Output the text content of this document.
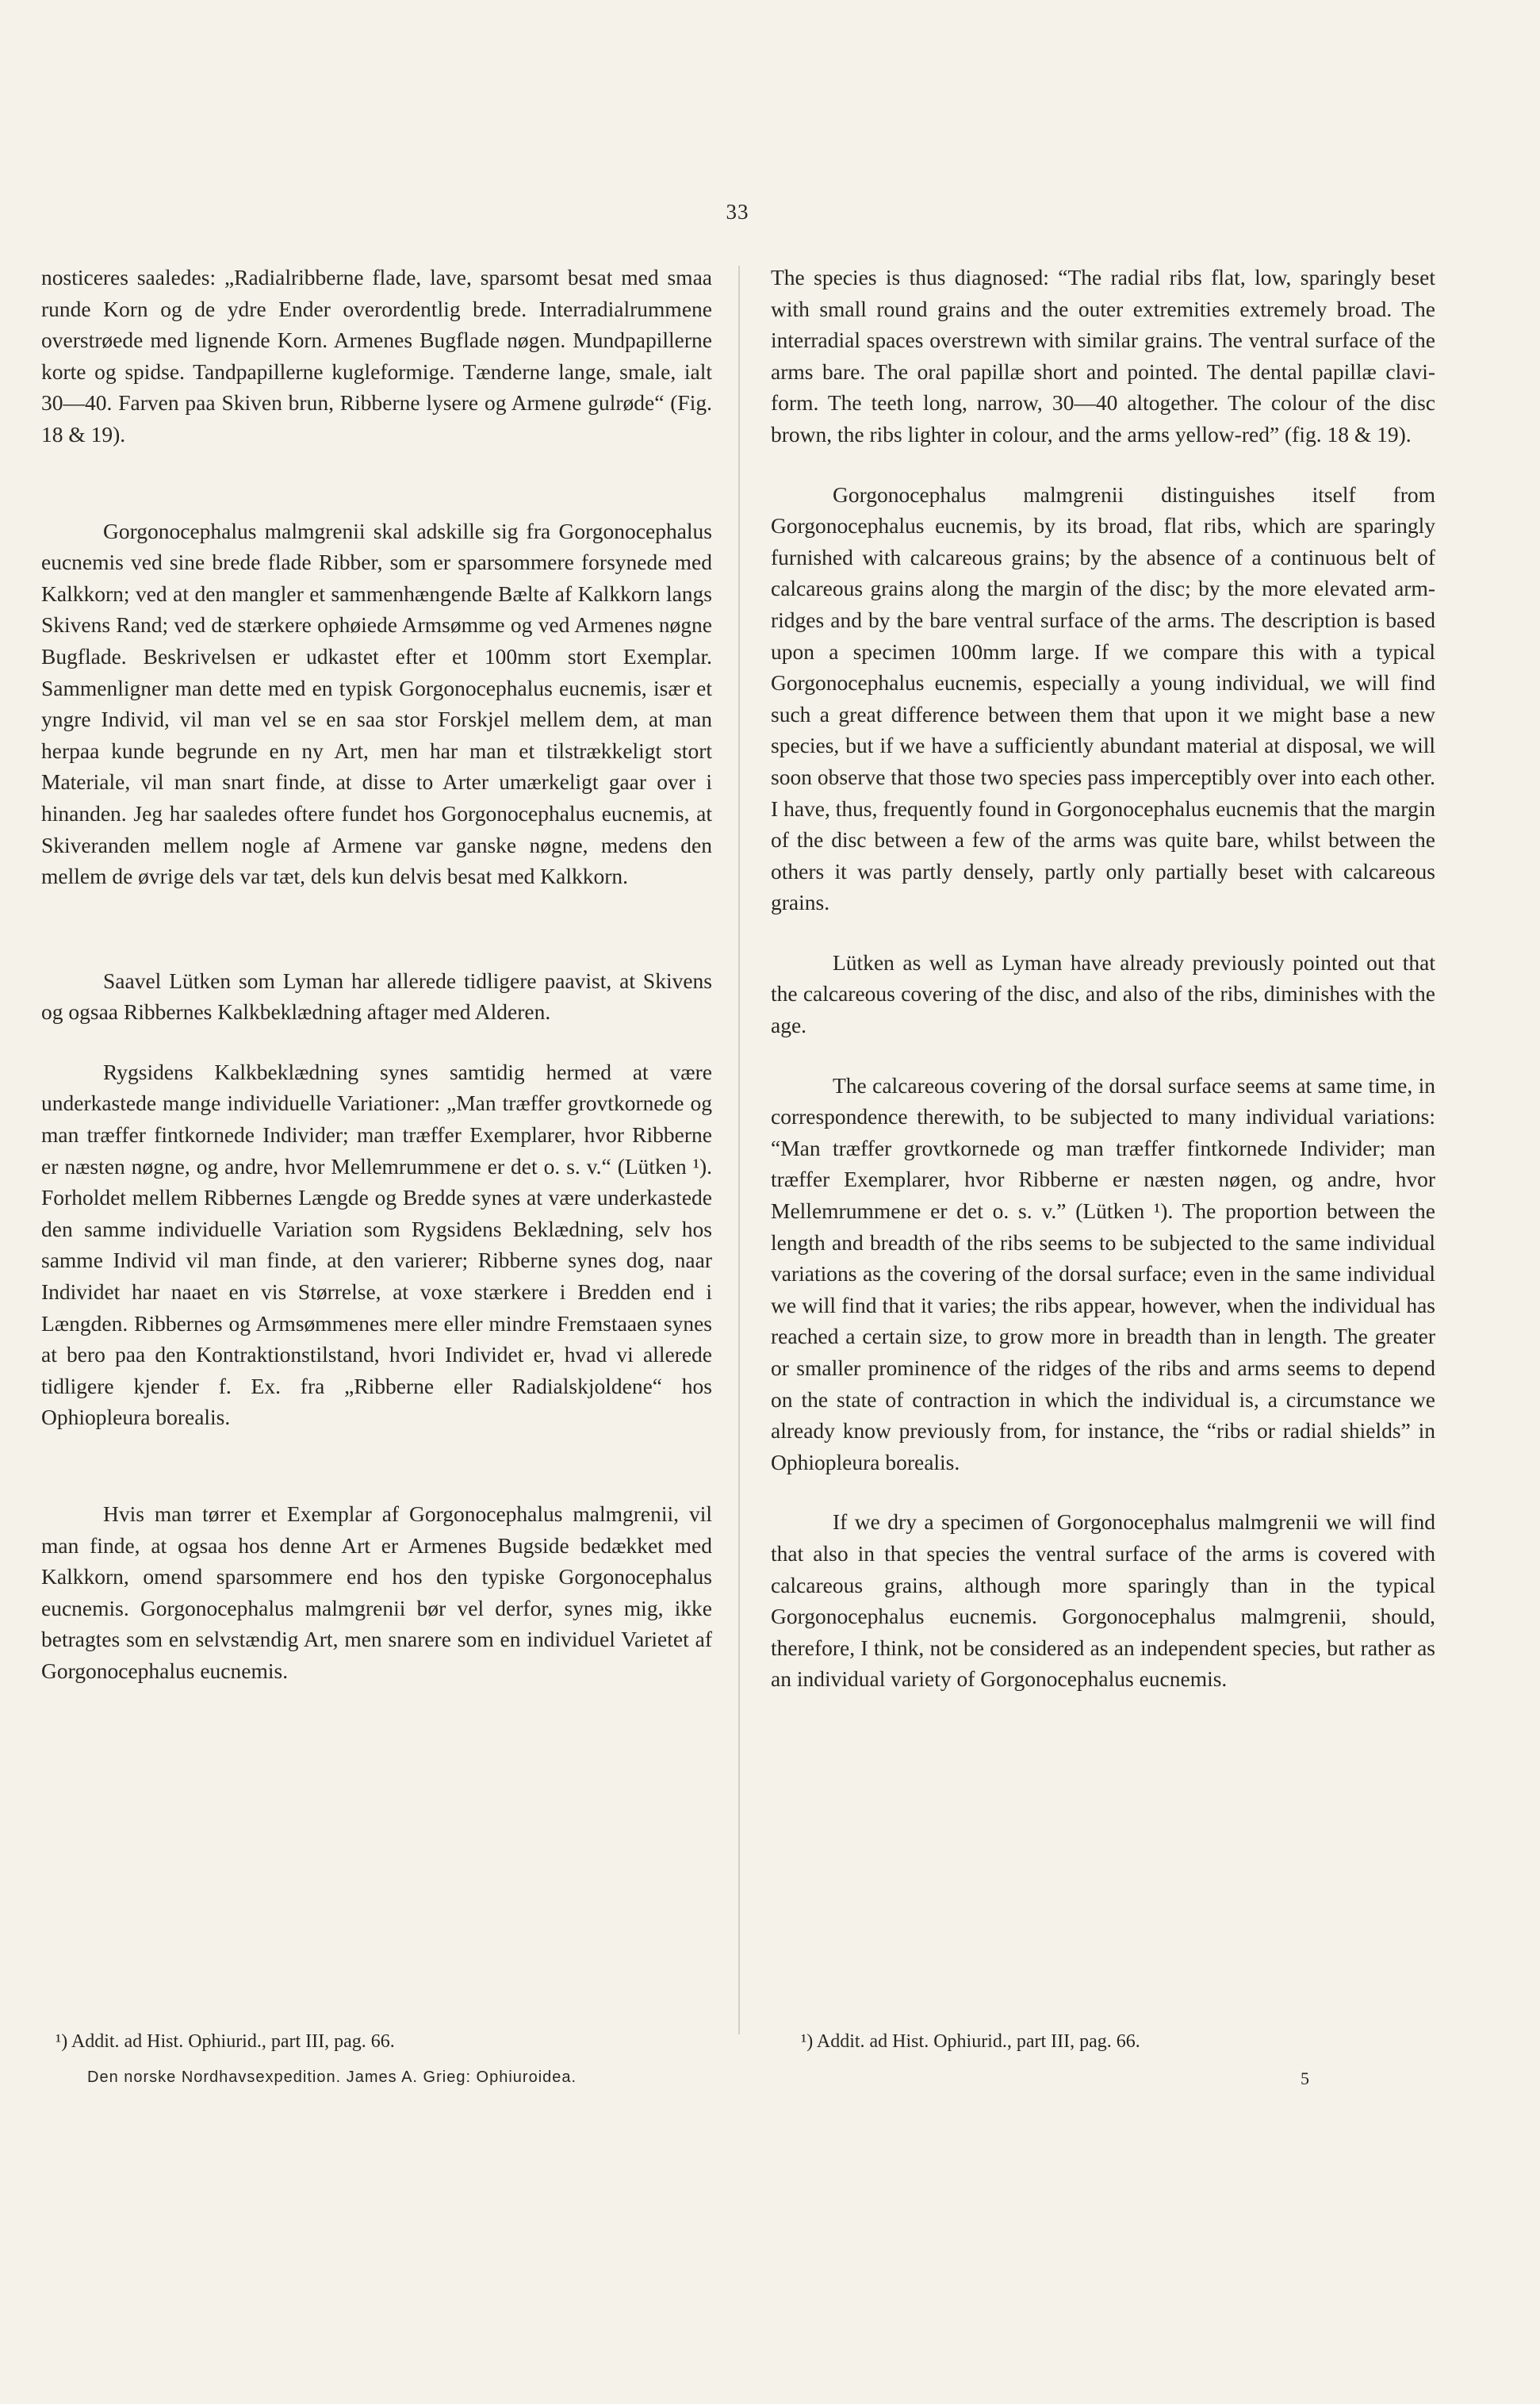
33

nosticeres saaledes: „Radialribberne flade, lave, sparsomt besat med smaa runde Korn og de ydre Ender overordentlig brede. Interradialrummene overstrøede med lignende Korn. Armenes Bugflade nøgen. Mundpapillerne korte og spidse. Tandpapillerne kugleformige. Tænderne lange, smale, ialt 30—40. Farven paa Skiven brun, Ribberne lysere og Armene gulrøde“ (Fig. 18 & 19).

Gorgonocephalus malmgrenii skal adskille sig fra Gorgonocephalus eucnemis ved sine brede flade Ribber, som er sparsommere forsynede med Kalkkorn; ved at den mangler et sammenhængende Bælte af Kalkkorn langs Skivens Rand; ved de stærkere ophøiede Armsømme og ved Armenes nøgne Bugflade. Beskrivelsen er udkastet efter et 100mm stort Exemplar. Sammenligner man dette med en typisk Gorgonocephalus eucnemis, især et yngre Individ, vil man vel se en saa stor Forskjel mellem dem, at man herpaa kunde begrunde en ny Art, men har man et tilstrækkeligt stort Materiale, vil man snart finde, at disse to Arter umærkeligt gaar over i hinanden. Jeg har saaledes oftere fundet hos Gorgonocephalus eucnemis, at Skiveranden mellem nogle af Armene var ganske nøgne, medens den mellem de øvrige dels var tæt, dels kun delvis besat med Kalkkorn.

Saavel Lütken som Lyman har allerede tidligere paavist, at Skivens og ogsaa Ribbernes Kalkbeklædning aftager med Alderen.

Rygsidens Kalkbeklædning synes samtidig hermed at være underkastede mange individuelle Variationer: „Man træffer grovtkornede og man træffer fintkornede Individer; man træffer Exemplarer, hvor Ribberne er næsten nøgne, og andre, hvor Mellemrummene er det o. s. v.“ (Lütken ¹). Forholdet mellem Ribbernes Længde og Bredde synes at være underkastede den samme individuelle Variation som Rygsidens Beklædning, selv hos samme Individ vil man finde, at den varierer; Ribberne synes dog, naar Individet har naaet en vis Størrelse, at voxe stærkere i Bredden end i Længden. Ribbernes og Armsømmenes mere eller mindre Fremstaaen synes at bero paa den Kontraktionstilstand, hvori Individet er, hvad vi allerede tidligere kjender f. Ex. fra „Ribberne eller Radialskjoldene“ hos Ophiopleura borealis.

Hvis man tørrer et Exemplar af Gorgonocephalus malmgrenii, vil man finde, at ogsaa hos denne Art er Armenes Bugside bedækket med Kalkkorn, omend sparsommere end hos den typiske Gorgonocephalus eucnemis. Gorgonocephalus malmgrenii bør vel derfor, synes mig, ikke betragtes som en selvstændig Art, men snarere som en individuel Varietet af Gorgonocephalus eucnemis.

The species is thus diagnosed: “The radial ribs flat, low, sparingly beset with small round grains and the outer extremities extremely broad. The interradial spaces overstrewn with similar grains. The ventral surface of the arms bare. The oral papillæ short and pointed. The dental papillæ clavi-form. The teeth long, narrow, 30—40 altogether. The colour of the disc brown, the ribs lighter in colour, and the arms yellow-red” (fig. 18 & 19).

Gorgonocephalus malmgrenii distinguishes itself from Gorgonocephalus eucnemis, by its broad, flat ribs, which are sparingly furnished with calcareous grains; by the absence of a continuous belt of calcareous grains along the margin of the disc; by the more elevated arm-ridges and by the bare ventral surface of the arms. The description is based upon a specimen 100mm large. If we compare this with a typical Gorgonocephalus eucnemis, especially a young individual, we will find such a great difference between them that upon it we might base a new species, but if we have a sufficiently abundant material at disposal, we will soon observe that those two species pass imperceptibly over into each other. I have, thus, frequently found in Gorgonocephalus eucnemis that the margin of the disc between a few of the arms was quite bare, whilst between the others it was partly densely, partly only partially beset with calcareous grains.

Lütken as well as Lyman have already previously pointed out that the calcareous covering of the disc, and also of the ribs, diminishes with the age.

The calcareous covering of the dorsal surface seems at same time, in correspondence therewith, to be subjected to many individual variations: “Man træffer grovtkornede og man træffer fintkornede Individer; man træffer Exemplarer, hvor Ribberne er næsten nøgen, og andre, hvor Mellemrummene er det o. s. v.” (Lütken ¹). The proportion between the length and breadth of the ribs seems to be subjected to the same individual variations as the covering of the dorsal surface; even in the same individual we will find that it varies; the ribs appear, however, when the individual has reached a certain size, to grow more in breadth than in length. The greater or smaller prominence of the ridges of the ribs and arms seems to depend on the state of contraction in which the individual is, a circumstance we already know previously from, for instance, the “ribs or radial shields” in Ophiopleura borealis.

If we dry a specimen of Gorgonocephalus malmgrenii we will find that also in that species the ventral surface of the arms is covered with calcareous grains, although more sparingly than in the typical Gorgonocephalus eucnemis. Gorgonocephalus malmgrenii, should, therefore, I think, not be considered as an independent species, but rather as an individual variety of Gorgonocephalus eucnemis.

¹) Addit. ad Hist. Ophiurid., part III, pag. 66.	¹) Addit. ad Hist. Ophiurid., part III, pag. 66.
Den norske Nordhavsexpedition. James A. Grieg: Ophiuroidea.	5
